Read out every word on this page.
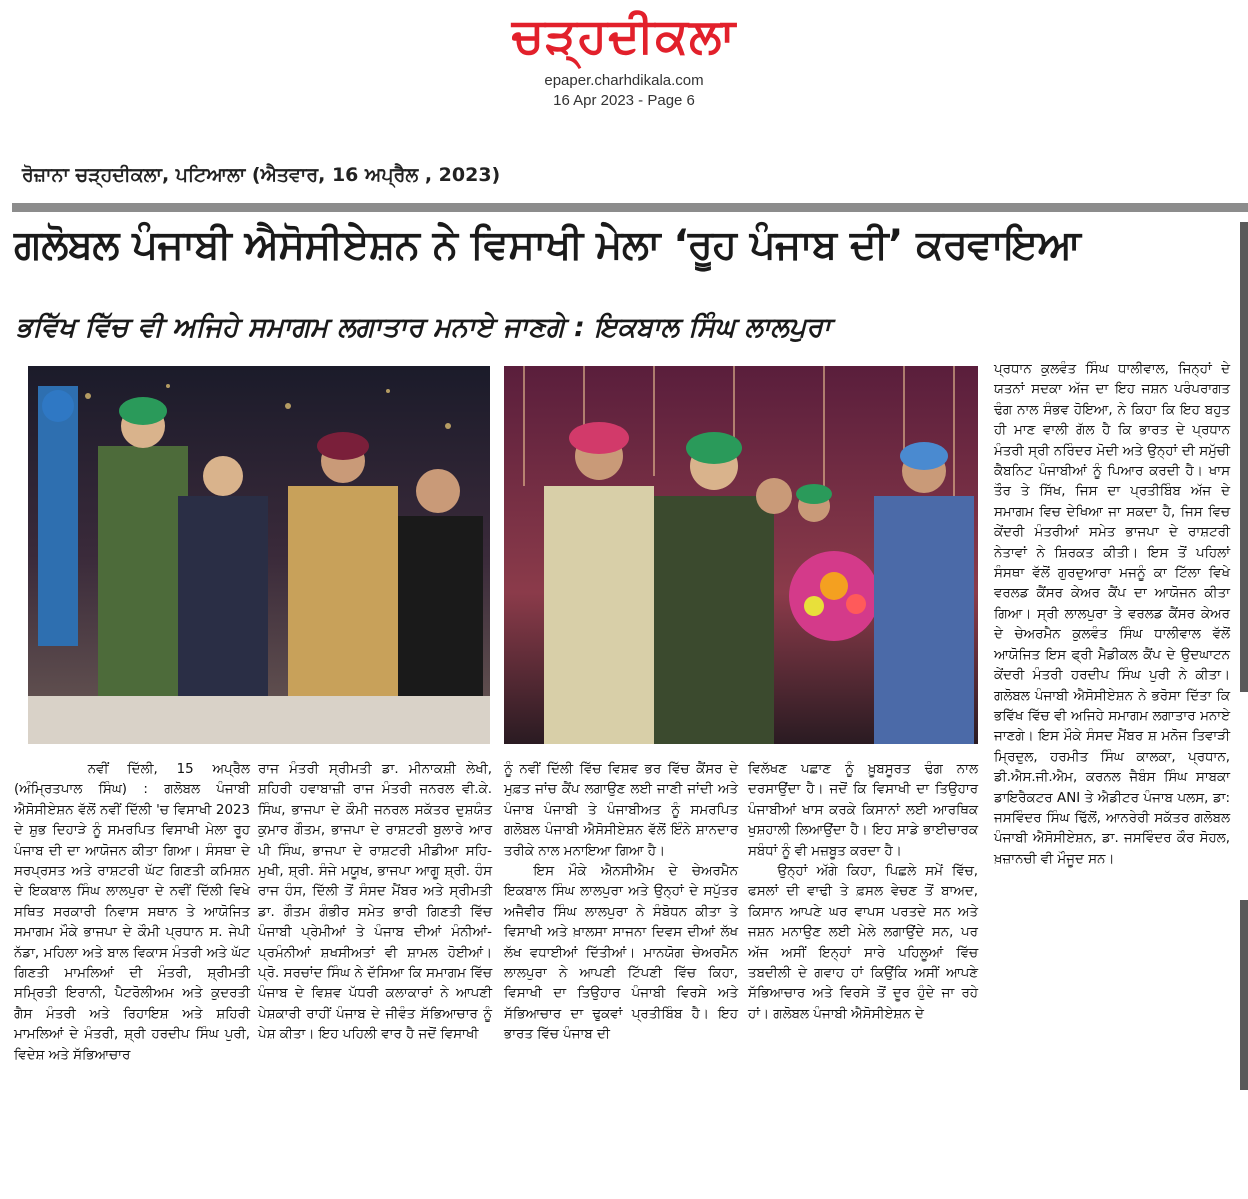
ਚੜ੍ਹਦੀਕਲਾ
epaper.charhdikala.com
16 Apr 2023 - Page 6
ਰੋਜ਼ਾਨਾ ਚੜ੍ਹਦੀਕਲਾ, ਪਟਿਆਲਾ (ਐਤਵਾਰ, 16 ਅਪ੍ਰੈਲ , 2023)
ਗਲੋਬਲ ਪੰਜਾਬੀ ਐਸੋਸੀਏਸ਼ਨ ਨੇ ਵਿਸਾਖੀ ਮੇਲਾ ‘ਰੂਹ ਪੰਜਾਬ ਦੀ’ ਕਰਵਾਇਆ
ਭਵਿੱਖ ਵਿੱਚ ਵੀ ਅਜਿਹੇ ਸਮਾਗਮ ਲਗਾਤਾਰ ਮਨਾਏ ਜਾਣਗੇ : ਇਕਬਾਲ ਸਿੰਘ ਲਾਲਪੁਰਾ

ਨਵੀਂ ਦਿੱਲੀ, 15 ਅਪ੍ਰੈਲ (ਅੰਮ੍ਰਿਤਪਾਲ ਸਿੰਘ) : ਗਲੋਬਲ ਪੰਜਾਬੀ ਐਸੋਸੀਏਸ਼ਨ ਵੱਲੋਂ ਨਵੀਂ ਦਿੱਲੀ 'ਚ ਵਿਸਾਖੀ 2023 ਦੇ ਸ਼ੁਭ ਦਿਹਾੜੇ ਨੂੰ ਸਮਰਪਿਤ ਵਿਸਾਖੀ ਮੇਲਾ ਰੂਹ ਪੰਜਾਬ ਦੀ ਦਾ ਆਯੋਜਨ ਕੀਤਾ ਗਿਆ। ਸੰਸਥਾ ਦੇ ਸਰਪ੍ਰਸਤ ਅਤੇ ਰਾਸ਼ਟਰੀ ਘੱਟ ਗਿਣਤੀ ਕਮਿਸ਼ਨ ਦੇ ਇਕਬਾਲ ਸਿੰਘ ਲਾਲਪੁਰਾ ਦੇ ਨਵੀਂ ਦਿੱਲੀ ਵਿਖੇ ਸਥਿਤ ਸਰਕਾਰੀ ਨਿਵਾਸ ਸਥਾਨ ਤੇ ਆਯੋਜਿਤ ਸਮਾਗਮ ਮੌਕੇ ਭਾਜਪਾ ਦੇ ਕੌਮੀ ਪ੍ਰਧਾਨ ਸ. ਜੇਪੀ ਨੱਡਾ, ਮਹਿਲਾ ਅਤੇ ਬਾਲ ਵਿਕਾਸ ਮੰਤਰੀ ਅਤੇ ਘੱਟ ਗਿਣਤੀ ਮਾਮਲਿਆਂ ਦੀ ਮੰਤਰੀ, ਸ਼੍ਰੀਮਤੀ ਸਮ੍ਰਿਤੀ ਇਰਾਨੀ, ਪੈਟਰੋਲੀਅਮ ਅਤੇ ਕੁਦਰਤੀ ਗੈਸ ਮੰਤਰੀ ਅਤੇ ਰਿਹਾਇਸ਼ ਅਤੇ ਸ਼ਹਿਰੀ ਮਾਮਲਿਆਂ ਦੇ ਮੰਤਰੀ, ਸ਼੍ਰੀ ਹਰਦੀਪ ਸਿੰਘ ਪੁਰੀ, ਵਿਦੇਸ਼ ਅਤੇ ਸੱਭਿਆਚਾਰ

ਰਾਜ ਮੰਤਰੀ ਸ੍ਰੀਮਤੀ ਡਾ. ਮੀਨਾਕਸ਼ੀ ਲੇਖੀ, ਸ਼ਹਿਰੀ ਹਵਾਬਾਜ਼ੀ ਰਾਜ ਮੰਤਰੀ ਜਨਰਲ ਵੀ.ਕੇ. ਸਿੰਘ, ਭਾਜਪਾ ਦੇ ਕੌਮੀ ਜਨਰਲ ਸਕੱਤਰ ਦੁਸ਼ਯੰਤ ਕੁਮਾਰ ਗੌਤਮ, ਭਾਜਪਾ ਦੇ ਰਾਸ਼ਟਰੀ ਬੁਲਾਰੇ ਆਰ ਪੀ ਸਿੰਘ, ਭਾਜਪਾ ਦੇ ਰਾਸ਼ਟਰੀ ਮੀਡੀਆ ਸਹਿ-ਮੁਖੀ, ਸ਼੍ਰੀ. ਸੰਜੇ ਮਯੂਖ, ਭਾਜਪਾ ਆਗੂ ਸ਼੍ਰੀ. ਹੰਸ ਰਾਜ ਹੰਸ, ਦਿੱਲੀ ਤੋਂ ਸੰਸਦ ਮੈਂਬਰ ਅਤੇ ਸ੍ਰੀਮਤੀ ਡਾ. ਗੌਤਮ ਗੰਭੀਰ ਸਮੇਤ ਭਾਰੀ ਗਿਣਤੀ ਵਿੱਚ ਪੰਜਾਬੀ ਪ੍ਰੇਮੀਆਂ ਤੇ ਪੰਜਾਬ ਦੀਆਂ ਮੰਨੀਆਂ-ਪ੍ਰਮੰਨੀਆਂ ਸ਼ਖਸੀਅਤਾਂ ਵੀ ਸ਼ਾਮਲ ਹੋਈਆਂ। ਪ੍ਰੋ. ਸਰਚਾਂਦ ਸਿੰਘ ਨੇ ਦੱਸਿਆ ਕਿ ਸਮਾਗਮ ਵਿੱਚ ਪੰਜਾਬ ਦੇ ਵਿਸ਼ਵ ਪੱਧਰੀ ਕਲਾਕਾਰਾਂ ਨੇ ਆਪਣੀ ਪੇਸ਼ਕਾਰੀ ਰਾਹੀਂ ਪੰਜਾਬ ਦੇ ਜੀਵੰਤ ਸੱਭਿਆਚਾਰ ਨੂੰ ਪੇਸ਼ ਕੀਤਾ। ਇਹ ਪਹਿਲੀ ਵਾਰ ਹੈ ਜਦੋਂ ਵਿਸਾਖੀ

ਨੂੰ ਨਵੀਂ ਦਿੱਲੀ ਵਿੱਚ ਵਿਸ਼ਵ ਭਰ ਵਿੱਚ ਕੈਂਸਰ ਦੇ ਮੁਫ਼ਤ ਜਾਂਚ ਕੈਂਪ ਲਗਾਉਣ ਲਈ ਜਾਣੀ ਜਾਂਦੀ ਅਤੇ ਪੰਜਾਬ ਪੰਜਾਬੀ ਤੇ ਪੰਜਾਬੀਅਤ ਨੂੰ ਸਮਰਪਿਤ ਗਲੋਬਲ ਪੰਜਾਬੀ ਐਸੋਸੀਏਸ਼ਨ ਵੱਲੋਂ ਇੰਨੇ ਸ਼ਾਨਦਾਰ ਤਰੀਕੇ ਨਾਲ ਮਨਾਇਆ ਗਿਆ ਹੈ।

ਇਸ ਮੌਕੇ ਐਨਸੀਐਮ ਦੇ ਚੇਅਰਮੈਨ ਇਕਬਾਲ ਸਿੰਘ ਲਾਲਪੁਰਾ ਅਤੇ ਉਨ੍ਹਾਂ ਦੇ ਸਪੁੱਤਰ ਅਜੈਵੀਰ ਸਿੰਘ ਲਾਲਪੁਰਾ ਨੇ ਸੰਬੋਧਨ ਕੀਤਾ ਤੇ ਵਿਸਾਖੀ ਅਤੇ ਖ਼ਾਲਸਾ ਸਾਜਨਾ ਦਿਵਸ ਦੀਆਂ ਲੱਖ ਲੱਖ ਵਧਾਈਆਂ ਦਿੱਤੀਆਂ। ਮਾਨਯੋਗ ਚੇਅਰਮੈਨ ਲਾਲਪੁਰਾ ਨੇ ਆਪਣੀ ਟਿੱਪਣੀ ਵਿੱਚ ਕਿਹਾ, ਵਿਸਾਖੀ ਦਾ ਤਿਉਹਾਰ ਪੰਜਾਬੀ ਵਿਰਸੇ ਅਤੇ ਸੱਭਿਆਚਾਰ ਦਾ ਢੁਕਵਾਂ ਪ੍ਰਤੀਬਿੰਬ ਹੈ। ਇਹ ਭਾਰਤ ਵਿੱਚ ਪੰਜਾਬ ਦੀ

ਵਿਲੱਖਣ ਪਛਾਣ ਨੂੰ ਖ਼ੂਬਸੂਰਤ ਢੰਗ ਨਾਲ ਦਰਸਾਉਂਦਾ ਹੈ। ਜਦੋਂ ਕਿ ਵਿਸਾਖੀ ਦਾ ਤਿਉਹਾਰ ਪੰਜਾਬੀਆਂ ਖਾਸ ਕਰਕੇ ਕਿਸਾਨਾਂ ਲਈ ਆਰਥਿਕ ਖੁਸ਼ਹਾਲੀ ਲਿਆਉਂਦਾ ਹੈ। ਇਹ ਸਾਡੇ ਭਾਈਚਾਰਕ ਸਬੰਧਾਂ ਨੂੰ ਵੀ ਮਜ਼ਬੂਤ ਕਰਦਾ ਹੈ।

ਉਨ੍ਹਾਂ ਅੱਗੇ ਕਿਹਾ, ਪਿਛਲੇ ਸਮੇਂ ਵਿੱਚ, ਫਸਲਾਂ ਦੀ ਵਾਢੀ ਤੇ ਫ਼ਸਲ ਵੇਚਣ ਤੋਂ ਬਾਅਦ, ਕਿਸਾਨ ਆਪਣੇ ਘਰ ਵਾਪਸ ਪਰਤਦੇ ਸਨ ਅਤੇ ਜਸ਼ਨ ਮਨਾਉਣ ਲਈ ਮੇਲੇ ਲਗਾਉਂਦੇ ਸਨ, ਪਰ ਅੱਜ ਅਸੀਂ ਇਨ੍ਹਾਂ ਸਾਰੇ ਪਹਿਲੂਆਂ ਵਿੱਚ ਤਬਦੀਲੀ ਦੇ ਗਵਾਹ ਹਾਂ ਕਿਉਂਕਿ ਅਸੀਂ ਆਪਣੇ ਸੱਭਿਆਚਾਰ ਅਤੇ ਵਿਰਸੇ ਤੋਂ ਦੂਰ ਹੁੰਦੇ ਜਾ ਰਹੇ ਹਾਂ। ਗਲੋਬਲ ਪੰਜਾਬੀ ਐਸੋਸੀਏਸ਼ਨ ਦੇ

ਪ੍ਰਧਾਨ ਕੁਲਵੰਤ ਸਿੰਘ ਧਾਲੀਵਾਲ, ਜਿਨ੍ਹਾਂ ਦੇ ਯਤਨਾਂ ਸਦਕਾ ਅੱਜ ਦਾ ਇਹ ਜਸ਼ਨ ਪਰੰਪਰਾਗਤ ਢੰਗ ਨਾਲ ਸੰਭਵ ਹੋਇਆ, ਨੇ ਕਿਹਾ ਕਿ ਇਹ ਬਹੁਤ ਹੀ ਮਾਣ ਵਾਲੀ ਗੱਲ ਹੈ ਕਿ ਭਾਰਤ ਦੇ ਪ੍ਰਧਾਨ ਮੰਤਰੀ ਸ੍ਰੀ ਨਰਿੰਦਰ ਮੋਦੀ ਅਤੇ ਉਨ੍ਹਾਂ ਦੀ ਸਮੁੱਚੀ ਕੈਬਨਿਟ ਪੰਜਾਬੀਆਂ ਨੂੰ ਪਿਆਰ ਕਰਦੀ ਹੈ। ਖਾਸ ਤੌਰ ਤੇ ਸਿੱਖ, ਜਿਸ ਦਾ ਪ੍ਰਤੀਬਿੰਬ ਅੱਜ ਦੇ ਸਮਾਗਮ ਵਿਚ ਦੇਖਿਆ ਜਾ ਸਕਦਾ ਹੈ, ਜਿਸ ਵਿਚ ਕੇਂਦਰੀ ਮੰਤਰੀਆਂ ਸਮੇਤ ਭਾਜਪਾ ਦੇ ਰਾਸ਼ਟਰੀ ਨੇਤਾਵਾਂ ਨੇ ਸ਼ਿਰਕਤ ਕੀਤੀ। ਇਸ ਤੋਂ ਪਹਿਲਾਂ ਸੰਸਥਾ ਵੱਲੋਂ ਗੁਰਦੁਆਰਾ ਮਜਨੂੰ ਕਾ ਟਿੱਲਾ ਵਿਖੇ ਵਰਲਡ ਕੈਂਸਰ ਕੇਅਰ ਕੈਂਪ ਦਾ ਆਯੋਜਨ ਕੀਤਾ ਗਿਆ। ਸ੍ਰੀ ਲਾਲਪੁਰਾ ਤੇ ਵਰਲਡ ਕੈਂਸਰ ਕੇਅਰ ਦੇ ਚੇਅਰਮੈਨ ਕੁਲਵੰਤ ਸਿੰਘ ਧਾਲੀਵਾਲ ਵੱਲੋਂ ਆਯੋਜਿਤ ਇਸ ਫ੍ਰੀ ਮੈਡੀਕਲ ਕੈਂਪ ਦੇ ਉਦਘਾਟਨ ਕੇਂਦਰੀ ਮੰਤਰੀ ਹਰਦੀਪ ਸਿੰਘ ਪੁਰੀ ਨੇ ਕੀਤਾ।ਗਲੋਬਲ ਪੰਜਾਬੀ ਐਸੋਸੀਏਸ਼ਨ ਨੇ ਭਰੋਸਾ ਦਿੱਤਾ ਕਿ ਭਵਿੱਖ ਵਿੱਚ ਵੀ ਅਜਿਹੇ ਸਮਾਗਮ ਲਗਾਤਾਰ ਮਨਾਏ ਜਾਣਗੇ। ਇਸ ਮੌਕੇ ਸੰਸਦ ਮੈਂਬਰ ਸ਼ ਮਨੋਜ ਤਿਵਾੜੀ ਮ੍ਰਿਦੁਲ, ਹਰਮੀਤ ਸਿੰਘ ਕਾਲਕਾ, ਪ੍ਰਧਾਨ, ਡੀ.ਐਸ.ਜੀ.ਐਮ, ਕਰਨਲ ਜੈਬੰਸ ਸਿੰਘ ਸਾਬਕਾ ਡਾਇਰੈਕਟਰ ANI ਤੇ ਐਡੀਟਰ ਪੰਜਾਬ ਪਲਸ, ਡਾ: ਜਸਵਿੰਦਰ ਸਿੰਘ ਢਿੱਲੋਂ, ਆਨਰੇਰੀ ਸਕੱਤਰ ਗਲੋਬਲ ਪੰਜਾਬੀ ਐਸੋਸੀਏਸ਼ਨ, ਡਾ. ਜਸਵਿੰਦਰ ਕੌਰ ਸੋਹਲ, ਖ਼ਜ਼ਾਨਚੀ ਵੀ ਮੌਜੂਦ ਸਨ।
